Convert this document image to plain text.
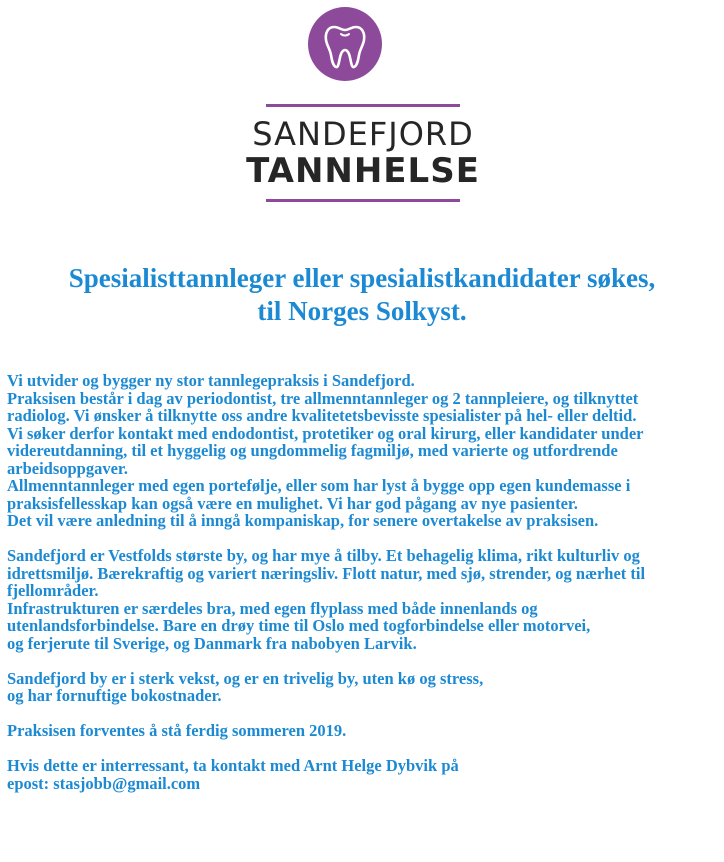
SANDEFJORD
TANNHELSE
Spesialisttannleger eller spesialistkandidater søkes,
til Norges Solkyst.
Vi utvider og bygger ny stor tannlegepraksis i Sandefjord.
Praksisen består i dag av periodontist, tre allmenntannleger og 2 tannpleiere, og tilknyttet
radiolog. Vi ønsker å tilknytte oss andre kvalitetetsbevisste spesialister på hel- eller deltid.
Vi søker derfor kontakt med endodontist, protetiker og oral kirurg, eller kandidater under
videreutdanning, til et hyggelig og ungdommelig fagmiljø, med varierte og utfordrende
arbeidsoppgaver.
Allmenntannleger med egen portefølje, eller som har lyst å bygge opp egen kundemasse i
praksisfellesskap kan også være en mulighet. Vi har god pågang av nye pasienter.
Det vil være anledning til å inngå kompaniskap, for senere overtakelse av praksisen.
Sandefjord er Vestfolds største by, og har mye å tilby. Et behagelig klima, rikt kulturliv og
idrettsmiljø. Bærekraftig og variert næringsliv. Flott natur, med sjø, strender, og nærhet til
fjellområder.
Infrastrukturen er særdeles bra, med egen flyplass med både innenlands og
utenlandsforbindelse. Bare en drøy time til Oslo med togforbindelse eller motorvei,
og ferjerute til Sverige, og Danmark fra nabobyen Larvik.
Sandefjord by er i sterk vekst, og er en trivelig by, uten kø og stress,
og har fornuftige bokostnader.
Praksisen forventes å stå ferdig sommeren 2019.
Hvis dette er interressant, ta kontakt med Arnt Helge Dybvik på
epost: stasjobb@gmail.com
